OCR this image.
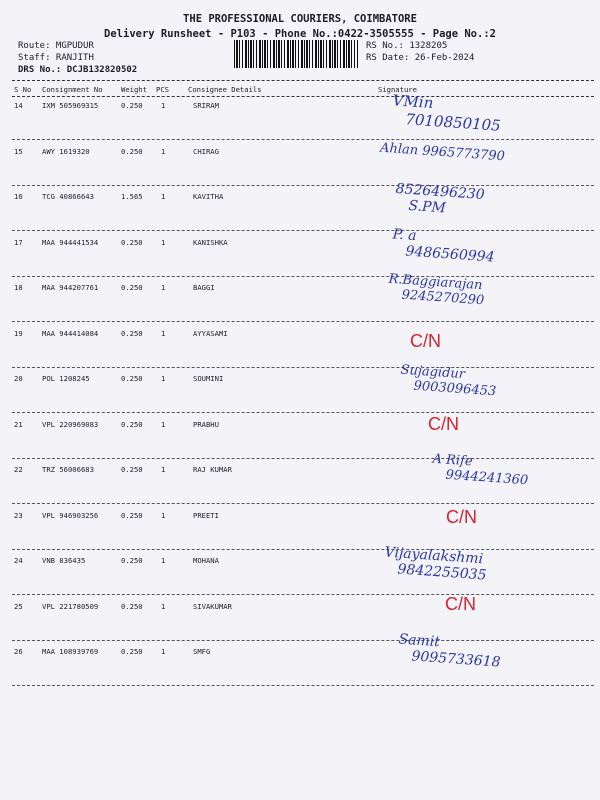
THE PROFESSIONAL COURIERS, COIMBATORE
Delivery Runsheet - P103 - Phone No.:0422-3505555 - Page No.:2
Route: MGPUDUR
Staff: RANJITH
DRS No.: DCJB132820502
RS No.: 1328205
RS Date: 26-Feb-2024
S No Consignment No	Weight PCS	Consignee Details	Signature
14	IXM 505969315	0.250	1	SRIRAM	VMin
7010850105
15	AWY 1619320	0.250	1	CHIRAG	Ahlan 9965773790
16	TCG 40866643	1.565	1	KAVITHA	8526496230
S.PM
17	MAA 944441534	0.250	1	KANISHKA	P. a
9486560994
18	MAA 944207761	0.250	1	BAGGI	R.Baggiarajan
9245270290
19	MAA 944414084	0.250	1	AYYASAMI	C/N
20	POL 1208245	0.250	1	SOUMINI	Sujagidur
9003096453
21	VPL 220969083	0.250	1	PRABHU	C/N
22	TRZ 56006683	0.250	1	RAJ KUMAR
A Rife
9944241360
23	VPL 946903256	0.250	1	PREETI	C/N
24	VNB 836435	0.250	1	MOHANA	Vijayalakshmi
9842255035
25	VPL 221780509	0.250	1	SIVAKUMAR	C/N
26	MAA 108939769	0.250	1	SMFG
Samit
9095733618
